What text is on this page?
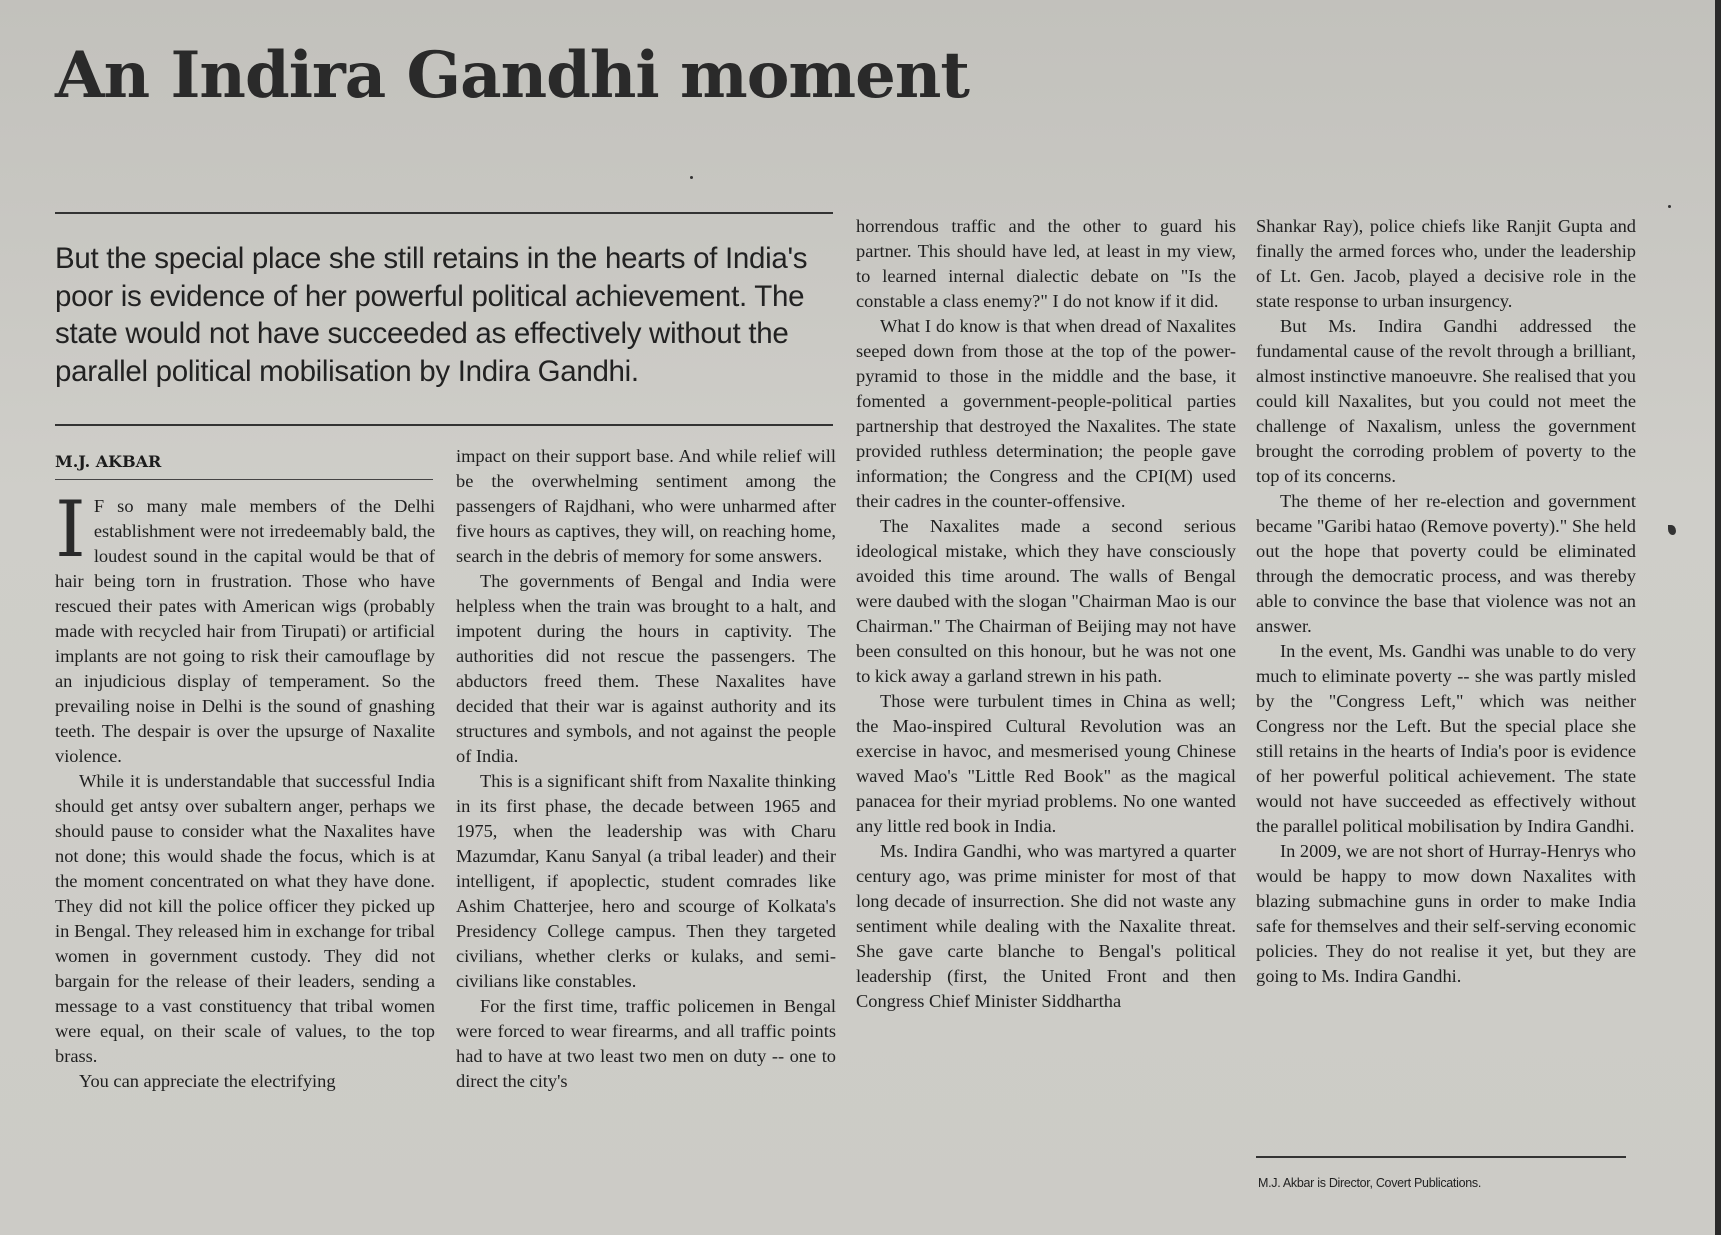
An Indira Gandhi moment

But the special place she still retains in the hearts of India's poor is evidence of her powerful political achievement. The state would not have succeeded as effectively without the parallel political mobilisation by Indira Gandhi.

M.J. AKBAR

I F so many male members of the Delhi establishment were not irredeemably bald, the loudest sound in the capital would be that of hair being torn in frustration. Those who have rescued their pates with American wigs (probably made with recycled hair from Tirupati) or artificial implants are not going to risk their camouflage by an injudicious display of temperament. So the prevailing noise in Delhi is the sound of gnashing teeth. The despair is over the upsurge of Naxalite violence.

While it is understandable that successful India should get antsy over subaltern anger, perhaps we should pause to consider what the Naxalites have not done; this would shade the focus, which is at the moment concentrated on what they have done. They did not kill the police officer they picked up in Bengal. They released him in exchange for tribal women in government custody. They did not bargain for the release of their leaders, sending a message to a vast constituency that tribal women were equal, on their scale of values, to the top brass.

You can appreciate the electrifying

impact on their support base. And while relief will be the overwhelming sentiment among the passengers of Rajdhani, who were unharmed after five hours as captives, they will, on reaching home, search in the debris of memory for some answers.

The governments of Bengal and India were helpless when the train was brought to a halt, and impotent during the hours in captivity. The authorities did not rescue the passengers. The abductors freed them. These Naxalites have decided that their war is against authority and its structures and symbols, and not against the people of India.

This is a significant shift from Naxalite thinking in its first phase, the decade between 1965 and 1975, when the leadership was with Charu Mazumdar, Kanu Sanyal (a tribal leader) and their intelligent, if apoplectic, student comrades like Ashim Chatterjee, hero and scourge of Kolkata's Presidency College campus. Then they targeted civilians, whether clerks or kulaks, and semi-civilians like constables.

For the first time, traffic policemen in Bengal were forced to wear firearms, and all traffic points had to have at two least two men on duty -- one to direct the city's

horrendous traffic and the other to guard his partner. This should have led, at least in my view, to learned internal dialectic debate on "Is the constable a class enemy?" I do not know if it did.

What I do know is that when dread of Naxalites seeped down from those at the top of the power-pyramid to those in the middle and the base, it fomented a government-people-political parties partnership that destroyed the Naxalites. The state provided ruthless determination; the people gave information; the Congress and the CPI(M) used their cadres in the counter-offensive.

The Naxalites made a second serious ideological mistake, which they have consciously avoided this time around. The walls of Bengal were daubed with the slogan "Chairman Mao is our Chairman." The Chairman of Beijing may not have been consulted on this honour, but he was not one to kick away a garland strewn in his path.

Those were turbulent times in China as well; the Mao-inspired Cultural Revolution was an exercise in havoc, and mesmerised young Chinese waved Mao's "Little Red Book" as the magical panacea for their myriad problems. No one wanted any little red book in India.

Ms. Indira Gandhi, who was martyred a quarter century ago, was prime minister for most of that long decade of insurrection. She did not waste any sentiment while dealing with the Naxalite threat. She gave carte blanche to Bengal's political leadership (first, the United Front and then Congress Chief Minister Siddhartha

Shankar Ray), police chiefs like Ranjit Gupta and finally the armed forces who, under the leadership of Lt. Gen. Jacob, played a decisive role in the state response to urban insurgency.

But Ms. Indira Gandhi addressed the fundamental cause of the revolt through a brilliant, almost instinctive manoeuvre. She realised that you could kill Naxalites, but you could not meet the challenge of Naxalism, unless the government brought the corroding problem of poverty to the top of its concerns.

The theme of her re-election and government became "Garibi hatao (Remove poverty)." She held out the hope that poverty could be eliminated through the democratic process, and was thereby able to convince the base that violence was not an answer.

In the event, Ms. Gandhi was unable to do very much to eliminate poverty -- she was partly misled by the "Congress Left," which was neither Congress nor the Left. But the special place she still retains in the hearts of India's poor is evidence of her powerful political achievement. The state would not have succeeded as effectively without the parallel political mobilisation by Indira Gandhi.

In 2009, we are not short of Hurray-Henrys who would be happy to mow down Naxalites with blazing submachine guns in order to make India safe for themselves and their self-serving economic policies. They do not realise it yet, but they are going to Ms. Indira Gandhi.

M.J. Akbar is Director, Covert Publications.
